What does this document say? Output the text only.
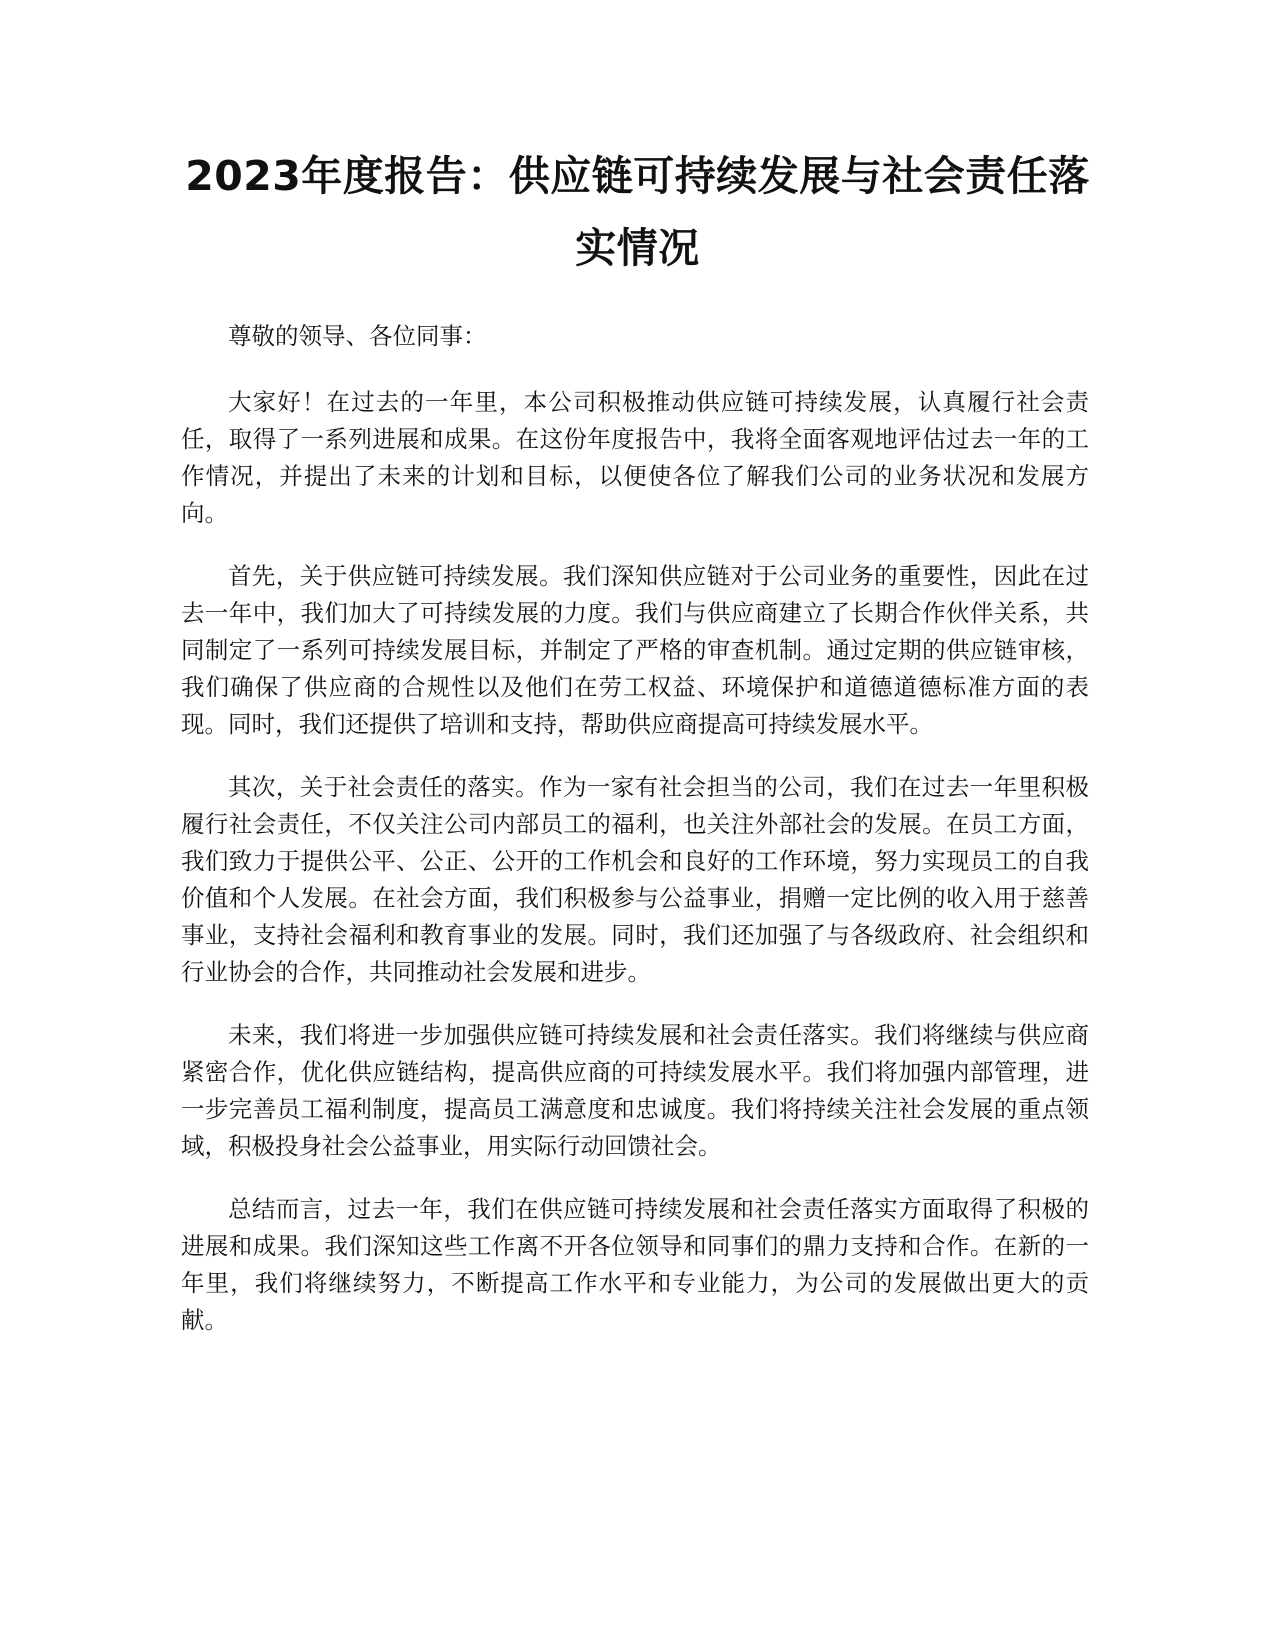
2023年度报告：供应链可持续发展与社会责任落实情况

尊敬的领导、各位同事：

大家好！在过去的一年里，本公司积极推动供应链可持续发展，认真履行社会责任，取得了一系列进展和成果。在这份年度报告中，我将全面客观地评估过去一年的工作情况，并提出了未来的计划和目标，以便使各位了解我们公司的业务状况和发展方向。

首先，关于供应链可持续发展。我们深知供应链对于公司业务的重要性，因此在过去一年中，我们加大了可持续发展的力度。我们与供应商建立了长期合作伙伴关系，共同制定了一系列可持续发展目标，并制定了严格的审查机制。通过定期的供应链审核，我们确保了供应商的合规性以及他们在劳工权益、环境保护和道德道德标准方面的表现。同时，我们还提供了培训和支持，帮助供应商提高可持续发展水平。

其次，关于社会责任的落实。作为一家有社会担当的公司，我们在过去一年里积极履行社会责任，不仅关注公司内部员工的福利，也关注外部社会的发展。在员工方面，我们致力于提供公平、公正、公开的工作机会和良好的工作环境，努力实现员工的自我价值和个人发展。在社会方面，我们积极参与公益事业，捐赠一定比例的收入用于慈善事业，支持社会福利和教育事业的发展。同时，我们还加强了与各级政府、社会组织和行业协会的合作，共同推动社会发展和进步。

未来，我们将进一步加强供应链可持续发展和社会责任落实。我们将继续与供应商紧密合作，优化供应链结构，提高供应商的可持续发展水平。我们将加强内部管理，进一步完善员工福利制度，提高员工满意度和忠诚度。我们将持续关注社会发展的重点领域，积极投身社会公益事业，用实际行动回馈社会。

总结而言，过去一年，我们在供应链可持续发展和社会责任落实方面取得了积极的进展和成果。我们深知这些工作离不开各位领导和同事们的鼎力支持和合作。在新的一年里，我们将继续努力，不断提高工作水平和专业能力，为公司的发展做出更大的贡献。
